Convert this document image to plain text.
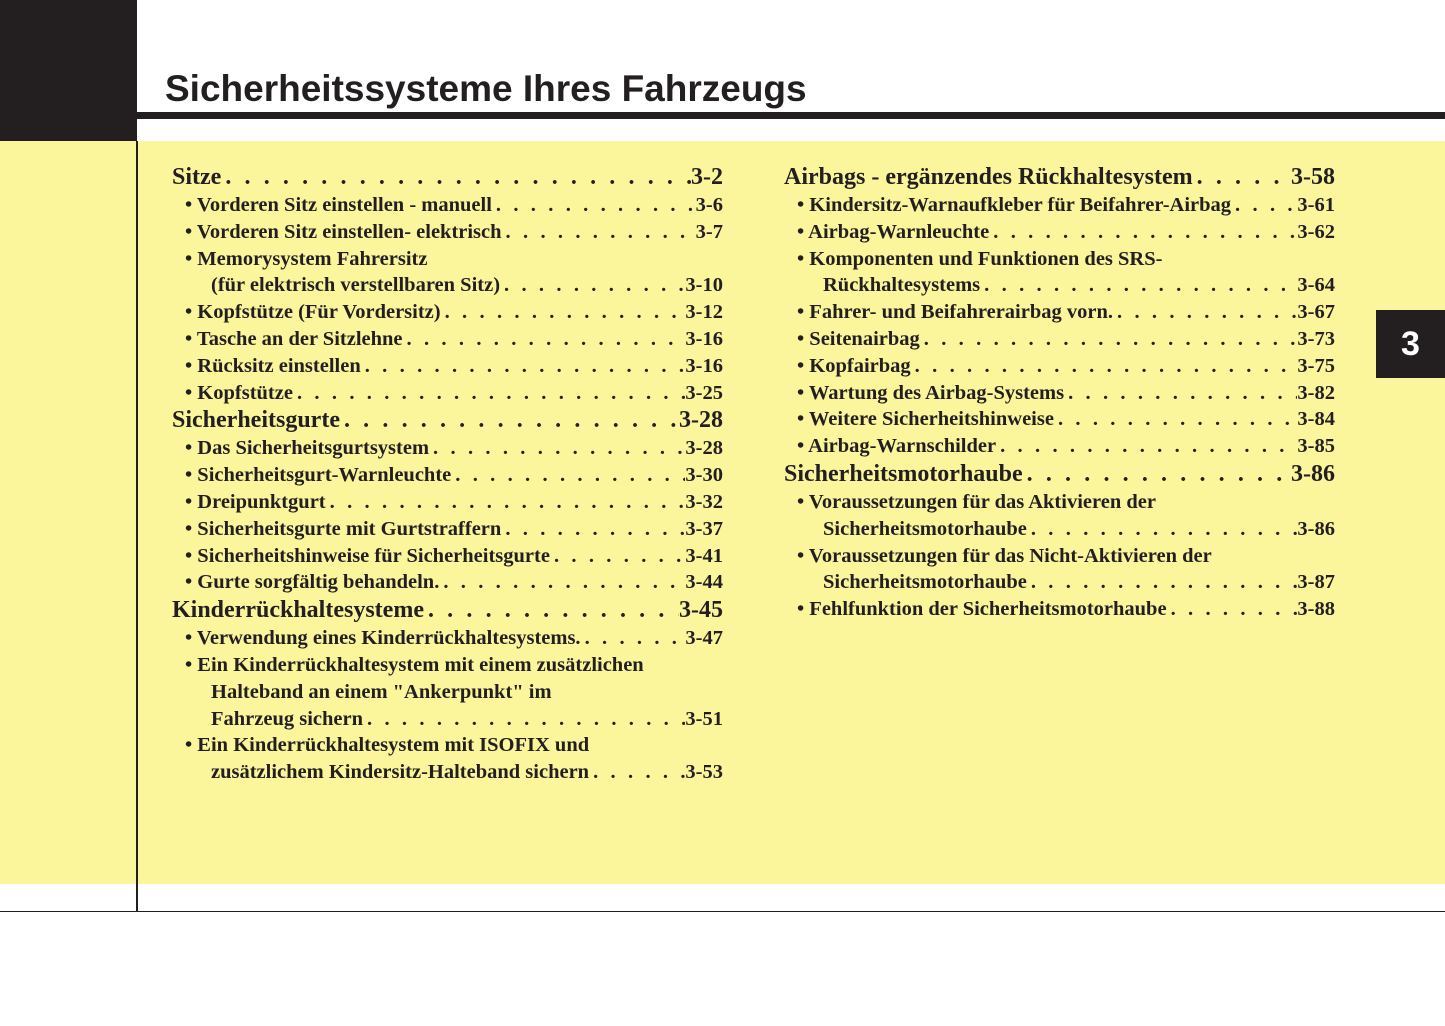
Sicherheitssysteme Ihres Fahrzeugs
3
Sitze . . .	3-2
• Vorderen Sitz einstellen - manuell . . .	3-6
• Vorderen Sitz einstellen- elektrisch . . .	3-7
• Memorysystem Fahrersitz
(für elektrisch verstellbaren Sitz) . . .	3-10
• Kopfstütze (Für Vordersitz) . . .	3-12
• Tasche an der Sitzlehne . . .	3-16
• Rücksitz einstellen . . .	3-16
• Kopfstütze . . .	3-25
Sicherheitsgurte . . .	3-28
• Das Sicherheitsgurtsystem . . .	3-28
• Sicherheitsgurt-Warnleuchte . . .	3-30
• Dreipunktgurt . . .	3-32
• Sicherheitsgurte mit Gurtstraffern . . .	3-37
• Sicherheitshinweise für Sicherheitsgurte . . .	3-41
• Gurte sorgfältig behandeln. . . .	3-44
Kinderrückhaltesysteme . . .	3-45
• Verwendung eines Kinderrückhaltesystems. . . .	3-47
• Ein Kinderrückhaltesystem mit einem zusätzlichen
Halteband an einem "Ankerpunkt" im
Fahrzeug sichern . . .	3-51
• Ein Kinderrückhaltesystem mit ISOFIX und
zusätzlichem Kindersitz-Halteband sichern . . .	3-53
Airbags - ergänzendes Rückhaltesystem . . .	3-58
• Kindersitz-Warnaufkleber für Beifahrer-Airbag . . .	3-61
• Airbag-Warnleuchte . . .	3-62
• Komponenten und Funktionen des SRS-
Rückhaltesystems . . .	3-64
• Fahrer- und Beifahrerairbag vorn. . . .	3-67
• Seitenairbag . . .	3-73
• Kopfairbag . . .	3-75
• Wartung des Airbag-Systems . . .	3-82
• Weitere Sicherheitshinweise . . .	3-84
• Airbag-Warnschilder . . .	3-85
Sicherheitsmotorhaube . . .	3-86
• Voraussetzungen für das Aktivieren der
Sicherheitsmotorhaube . . .	3-86
• Voraussetzungen für das Nicht-Aktivieren der
Sicherheitsmotorhaube . . .	3-87
• Fehlfunktion der Sicherheitsmotorhaube . . .	3-88
